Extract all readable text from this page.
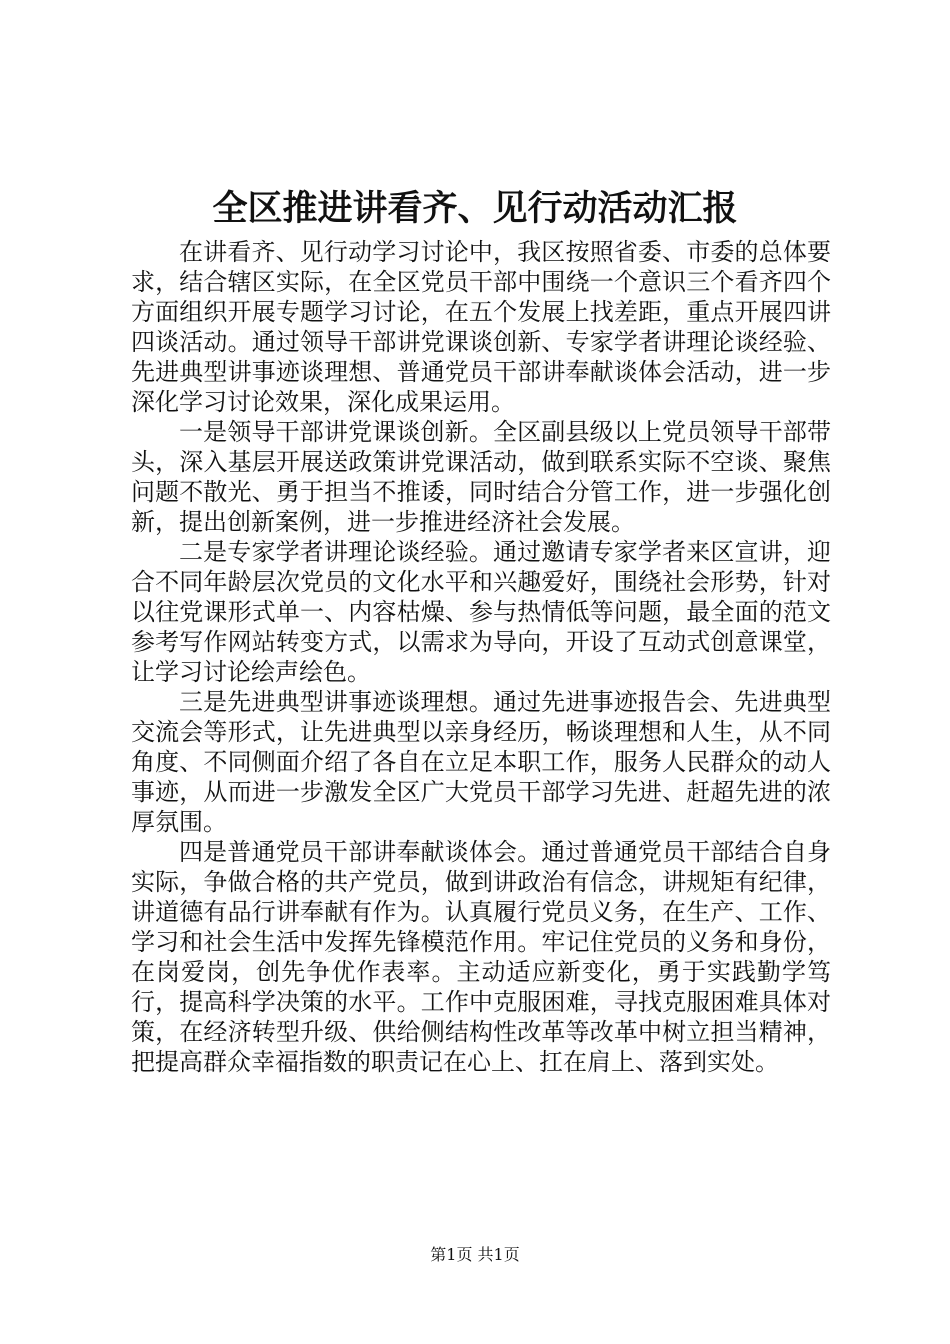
全区推进讲看齐、见行动活动汇报

在讲看齐、见行动学习讨论中，我区按照省委、市委的总体要求，结合辖区实际，在全区党员干部中围绕一个意识三个看齐四个方面组织开展专题学习讨论，在五个发展上找差距，重点开展四讲四谈活动。通过领导干部讲党课谈创新、专家学者讲理论谈经验、先进典型讲事迹谈理想、普通党员干部讲奉献谈体会活动，进一步深化学习讨论效果，深化成果运用。

一是领导干部讲党课谈创新。全区副县级以上党员领导干部带头，深入基层开展送政策讲党课活动，做到联系实际不空谈、聚焦问题不散光、勇于担当不推诿，同时结合分管工作，进一步强化创新，提出创新案例，进一步推进经济社会发展。

二是专家学者讲理论谈经验。通过邀请专家学者来区宣讲，迎合不同年龄层次党员的文化水平和兴趣爱好，围绕社会形势，针对以往党课形式单一、内容枯燥、参与热情低等问题，最全面的范文参考写作网站转变方式，以需求为导向，开设了互动式创意课堂，让学习讨论绘声绘色。

三是先进典型讲事迹谈理想。通过先进事迹报告会、先进典型交流会等形式，让先进典型以亲身经历，畅谈理想和人生，从不同角度、不同侧面介绍了各自在立足本职工作，服务人民群众的动人事迹，从而进一步激发全区广大党员干部学习先进、赶超先进的浓厚氛围。

四是普通党员干部讲奉献谈体会。通过普通党员干部结合自身实际，争做合格的共产党员，做到讲政治有信念，讲规矩有纪律，讲道德有品行讲奉献有作为。认真履行党员义务，在生产、工作、学习和社会生活中发挥先锋模范作用。牢记住党员的义务和身份，在岗爱岗，创先争优作表率。主动适应新变化，勇于实践勤学笃行，提高科学决策的水平。工作中克服困难，寻找克服困难具体对策，在经济转型升级、供给侧结构性改革等改革中树立担当精神，把提高群众幸福指数的职责记在心上、扛在肩上、落到实处。

第1页 共1页
